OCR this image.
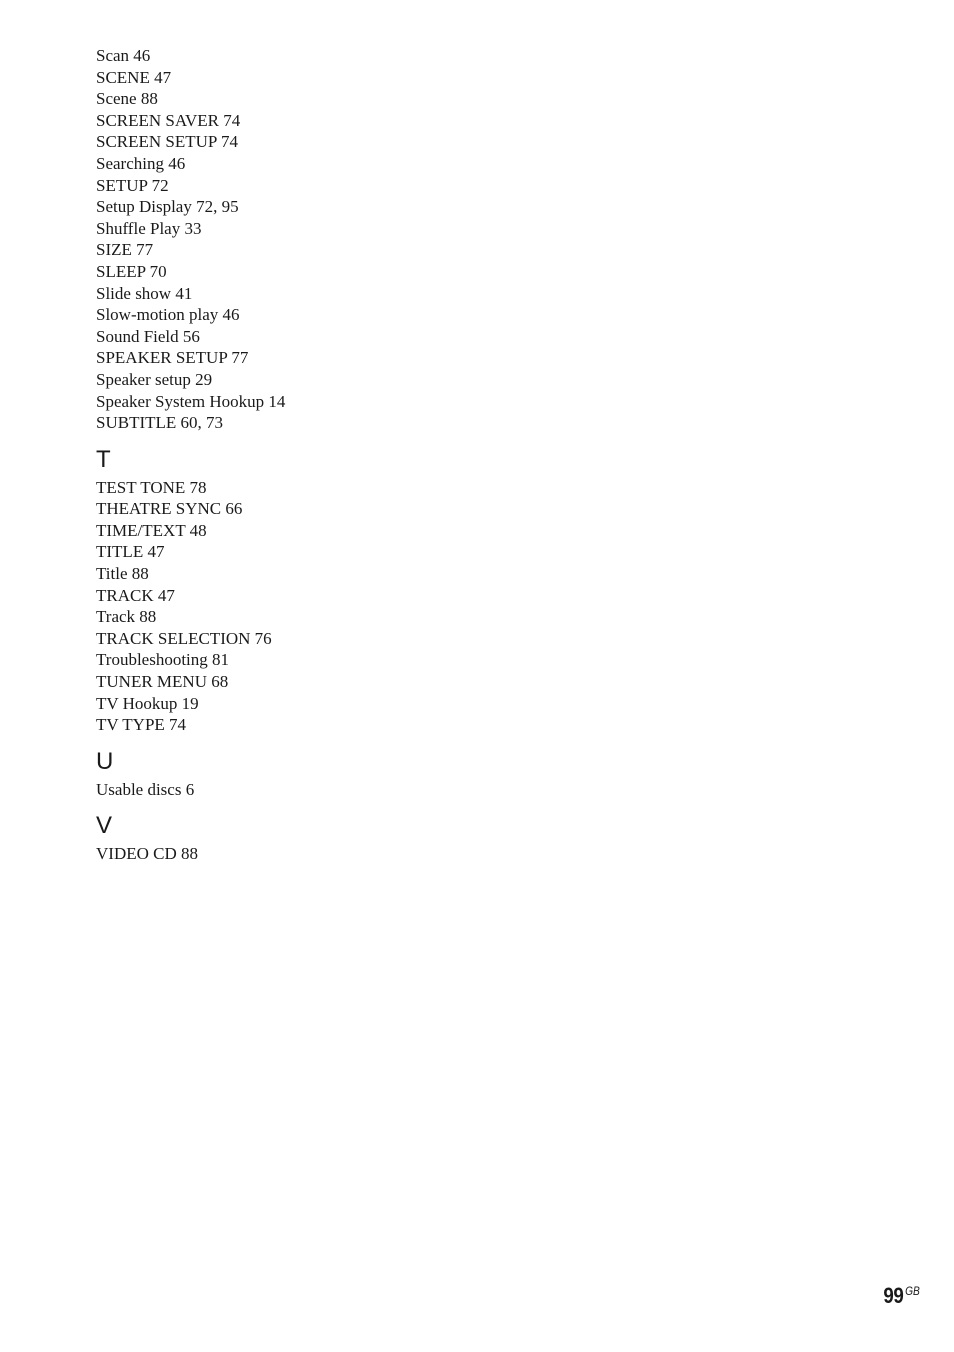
Scan 46
SCENE 47
Scene 88
SCREEN SAVER 74
SCREEN SETUP 74
Searching 46
SETUP 72
Setup Display 72, 95
Shuffle Play 33
SIZE 77
SLEEP 70
Slide show 41
Slow-motion play 46
Sound Field 56
SPEAKER SETUP 77
Speaker setup 29
Speaker System Hookup 14
SUBTITLE 60, 73
T
TEST TONE 78
THEATRE SYNC 66
TIME/TEXT 48
TITLE 47
Title 88
TRACK 47
Track 88
TRACK SELECTION 76
Troubleshooting 81
TUNER MENU 68
TV Hookup 19
TV TYPE 74
U
Usable discs 6
V
VIDEO CD 88
99 $^{GB}$
